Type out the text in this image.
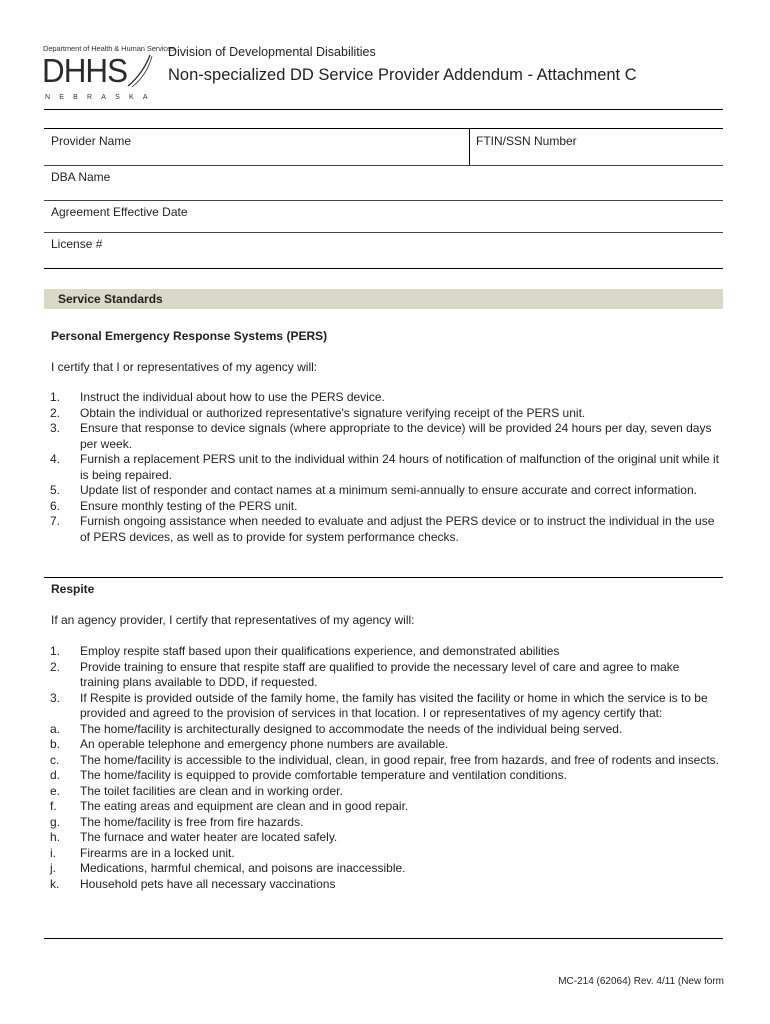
Department of Health & Human Services
DHHS
NEBRASKA
Division of Developmental Disabilities
Non-specialized DD Service Provider Addendum - Attachment C
Provider Name	FTIN/SSN Number
DBA Name
Agreement Effective Date
License #
Service Standards
Personal Emergency Response Systems (PERS)
I certify that I or representatives of my agency will:
1. Instruct the individual about how to use the PERS device.
2. Obtain the individual or authorized representative's signature verifying receipt of the PERS unit.
3. Ensure that response to device signals (where appropriate to the device) will be provided 24 hours per day, seven days per week.
4. Furnish a replacement PERS unit to the individual within 24 hours of notification of malfunction of the original unit while it is being repaired.
5. Update list of responder and contact names at a minimum semi-annually to ensure accurate and correct information.
6. Ensure monthly testing of the PERS unit.
7. Furnish ongoing assistance when needed to evaluate and adjust the PERS device or to instruct the individual in the use of PERS devices, as well as to provide for system performance checks.
Respite
If an agency provider, I certify that representatives of my agency will:
1. Employ respite staff based upon their qualifications experience, and demonstrated abilities
2. Provide training to ensure that respite staff are qualified to provide the necessary level of care and agree to make training plans available to DDD, if requested.
3. If Respite is provided outside of the family home, the family has visited the facility or home in which the service is to be provided and agreed to the provision of services in that location. I or representatives of my agency certify that:
a. The home/facility is architecturally designed to accommodate the needs of the individual being served.
b. An operable telephone and emergency phone numbers are available.
c. The home/facility is accessible to the individual, clean, in good repair, free from hazards, and free of rodents and insects.
d. The home/facility is equipped to provide comfortable temperature and ventilation conditions.
e. The toilet facilities are clean and in working order.
f. The eating areas and equipment are clean and in good repair.
g. The home/facility is free from fire hazards.
h. The furnace and water heater are located safely.
i. Firearms are in a locked unit.
j. Medications, harmful chemical, and poisons are inaccessible.
k. Household pets have all necessary vaccinations
MC-214 (62064) Rev. 4/11 (New form
